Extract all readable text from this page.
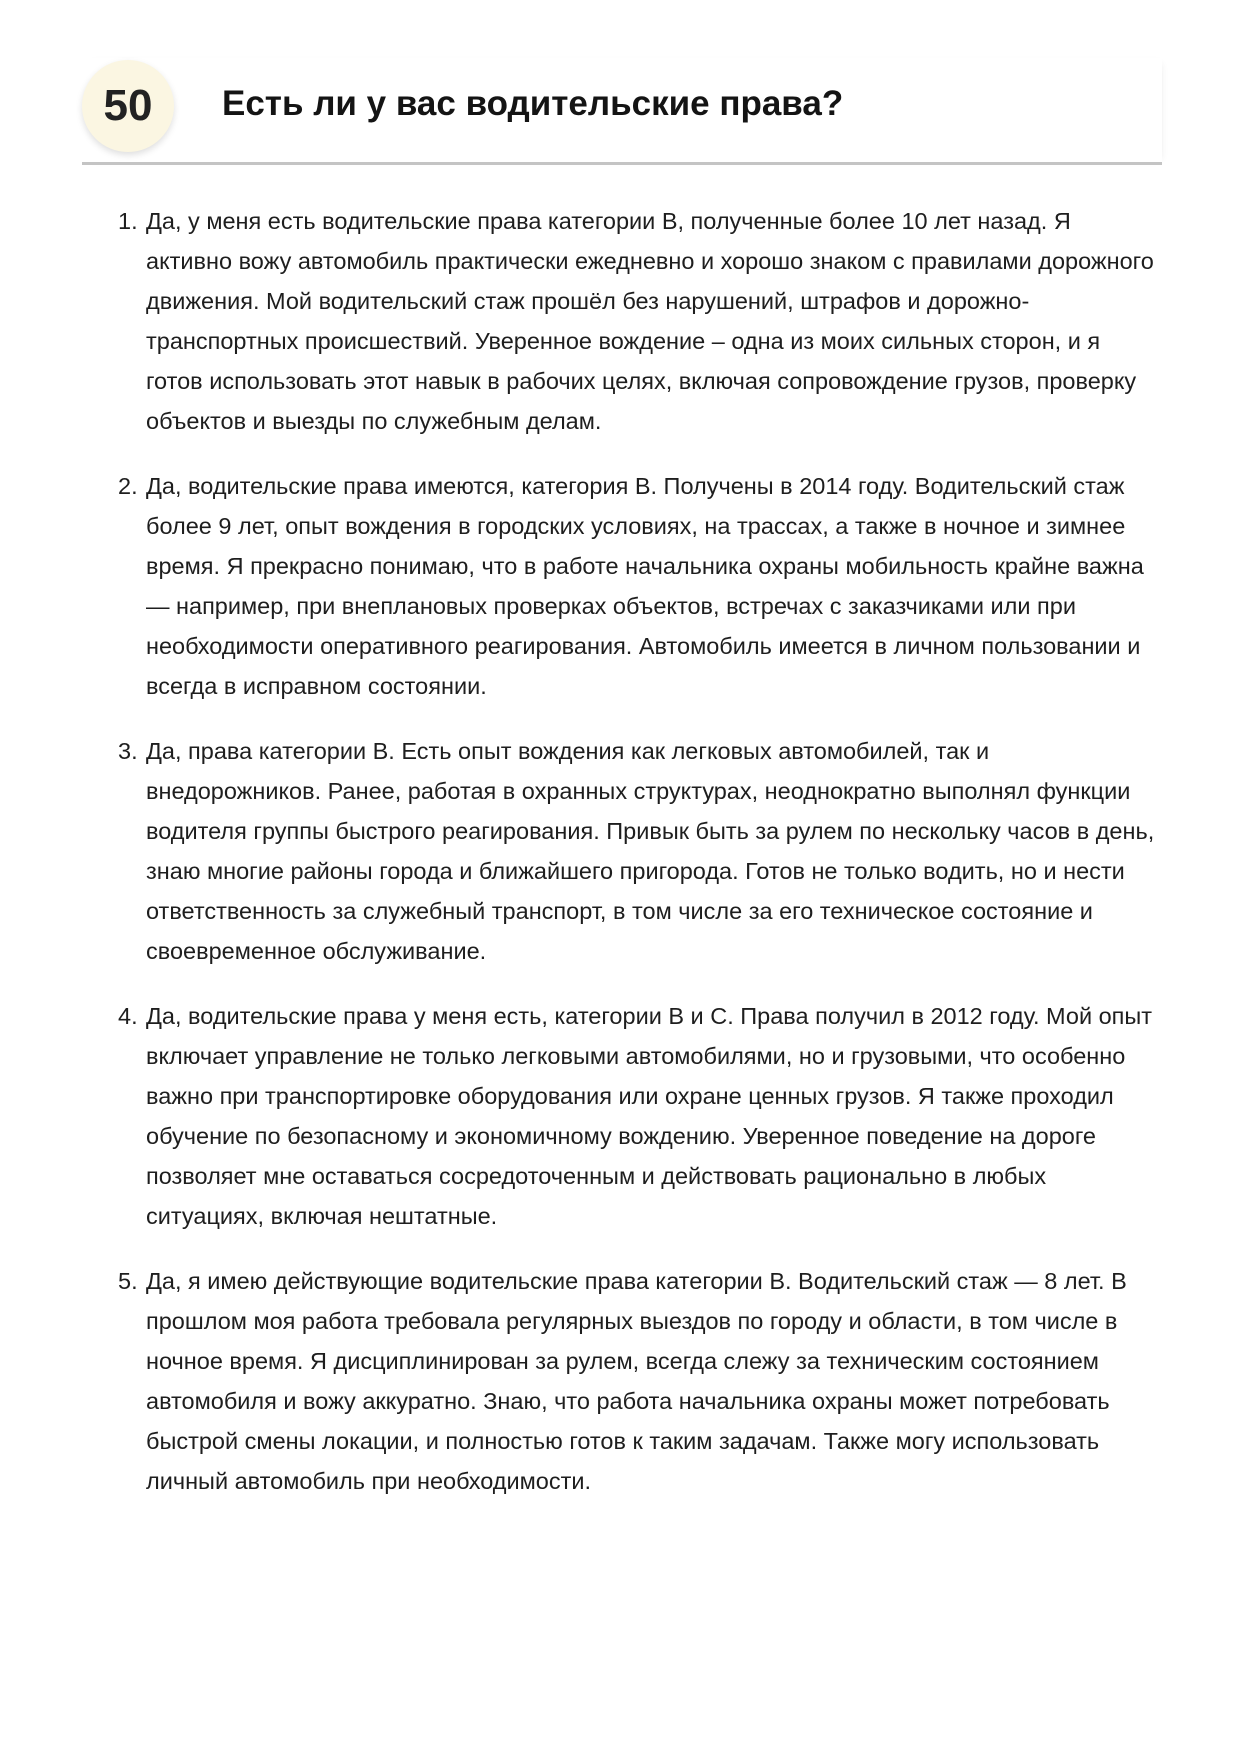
50	Есть ли у вас водительские права?
1. Да, у меня есть водительские права категории В, полученные более 10 лет назад. Я активно вожу автомобиль практически ежедневно и хорошо знаком с правилами дорожного движения. Мой водительский стаж прошёл без нарушений, штрафов и дорожно-транспортных происшествий. Уверенное вождение – одна из моих сильных сторон, и я готов использовать этот навык в рабочих целях, включая сопровождение грузов, проверку объектов и выезды по служебным делам.
2. Да, водительские права имеются, категория B. Получены в 2014 году. Водительский стаж более 9 лет, опыт вождения в городских условиях, на трассах, а также в ночное и зимнее время. Я прекрасно понимаю, что в работе начальника охраны мобильность крайне важна — например, при внеплановых проверках объектов, встречах с заказчиками или при необходимости оперативного реагирования. Автомобиль имеется в личном пользовании и всегда в исправном состоянии.
3. Да, права категории B. Есть опыт вождения как легковых автомобилей, так и внедорожников. Ранее, работая в охранных структурах, неоднократно выполнял функции водителя группы быстрого реагирования. Привык быть за рулем по нескольку часов в день, знаю многие районы города и ближайшего пригорода. Готов не только водить, но и нести ответственность за служебный транспорт, в том числе за его техническое состояние и своевременное обслуживание.
4. Да, водительские права у меня есть, категории B и C. Права получил в 2012 году. Мой опыт включает управление не только легковыми автомобилями, но и грузовыми, что особенно важно при транспортировке оборудования или охране ценных грузов. Я также проходил обучение по безопасному и экономичному вождению. Уверенное поведение на дороге позволяет мне оставаться сосредоточенным и действовать рационально в любых ситуациях, включая нештатные.
5. Да, я имею действующие водительские права категории B. Водительский стаж — 8 лет. В прошлом моя работа требовала регулярных выездов по городу и области, в том числе в ночное время. Я дисциплинирован за рулем, всегда слежу за техническим состоянием автомобиля и вожу аккуратно. Знаю, что работа начальника охраны может потребовать быстрой смены локации, и полностью готов к таким задачам. Также могу использовать личный автомобиль при необходимости.
